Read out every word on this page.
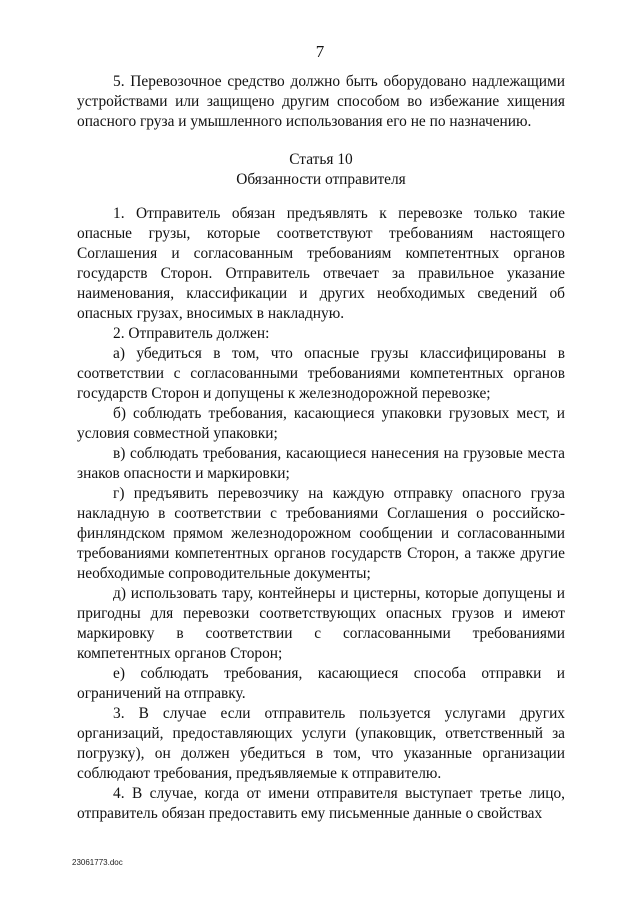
7

5. Перевозочное средство должно быть оборудовано надлежащими устройствами или защищено другим способом во избежание хищения опасного груза и умышленного использования его не по назначению.

Статья 10

Обязанности отправителя

1. Отправитель обязан предъявлять к перевозке только такие опасные грузы, которые соответствуют требованиям настоящего Соглашения и согласованным требованиям компетентных органов государств Сторон. Отправитель отвечает за правильное указание наименования, классификации и других необходимых сведений об опасных грузах, вносимых в накладную.

2. Отправитель должен:

а) убедиться в том, что опасные грузы классифицированы в соответствии с согласованными требованиями компетентных органов государств Сторон и допущены к железнодорожной перевозке;

б) соблюдать требования, касающиеся упаковки грузовых мест, и условия совместной упаковки;

в) соблюдать требования, касающиеся нанесения на грузовые места знаков опасности и маркировки;

г) предъявить перевозчику на каждую отправку опасного груза накладную в соответствии с требованиями Соглашения о российско-финляндском прямом железнодорожном сообщении и согласованными требованиями компетентных органов государств Сторон, а также другие необходимые сопроводительные документы;

д) использовать тару, контейнеры и цистерны, которые допущены и пригодны для перевозки соответствующих опасных грузов и имеют маркировку в соответствии с согласованными требованиями компетентных органов Сторон;

е) соблюдать требования, касающиеся способа отправки и ограничений на отправку.

3. В случае если отправитель пользуется услугами других организаций, предоставляющих услуги (упаковщик, ответственный за погрузку), он должен убедиться в том, что указанные организации соблюдают требования, предъявляемые к отправителю.

4. В случае, когда от имени отправителя выступает третье лицо, отправитель обязан предоставить ему письменные данные о свойствах

23061773.doc
